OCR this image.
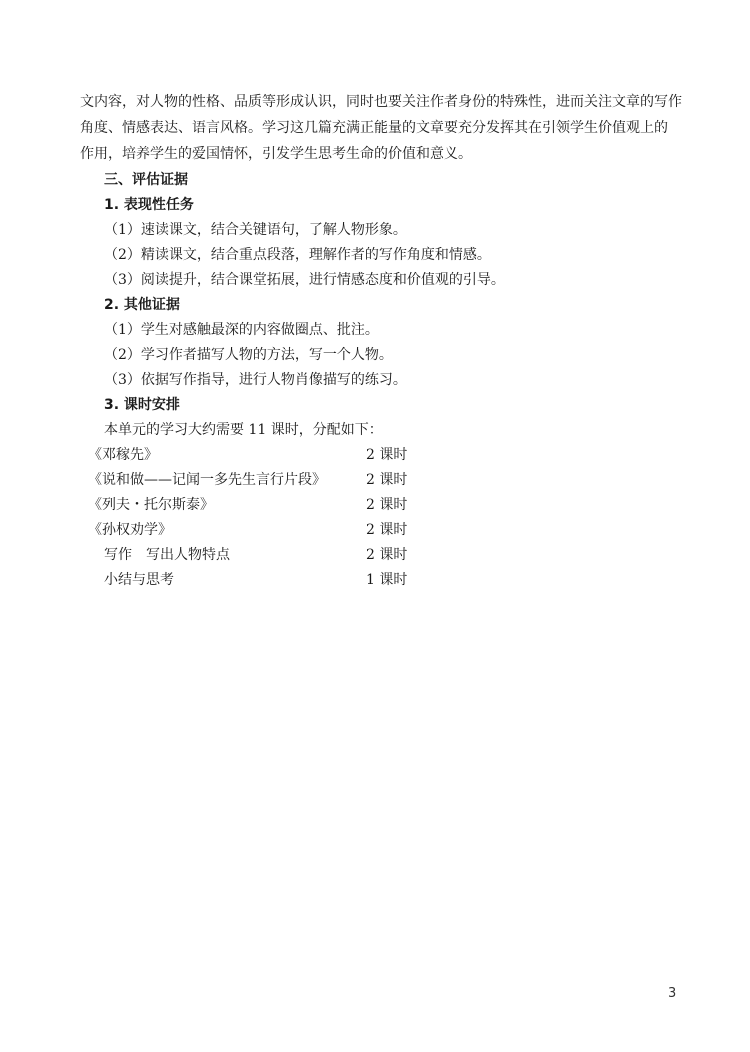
文内容，对人物的性格、品质等形成认识，同时也要关注作者身份的特殊性，进而关注文章的写作
角度、情感表达、语言风格。学习这几篇充满正能量的文章要充分发挥其在引领学生价值观上的
作用，培养学生的爱国情怀，引发学生思考生命的价值和意义。
三、评估证据
1. 表现性任务
（1）速读课文，结合关键语句，了解人物形象。
（2）精读课文，结合重点段落，理解作者的写作角度和情感。
（3）阅读提升，结合课堂拓展，进行情感态度和价值观的引导。
2. 其他证据
（1）学生对感触最深的内容做圈点、批注。
（2）学习作者描写人物的方法，写一个人物。
（3）依据写作指导，进行人物肖像描写的练习。
3. 课时安排
本单元的学习大约需要 11 课时，分配如下：
《邓稼先》	2 课时
《说和做——记闻一多先生言行片段》	2 课时
《列夫・托尔斯泰》	2 课时
《孙权劝学》	2 课时
写作　写出人物特点	2 课时
小结与思考	1 课时
3
